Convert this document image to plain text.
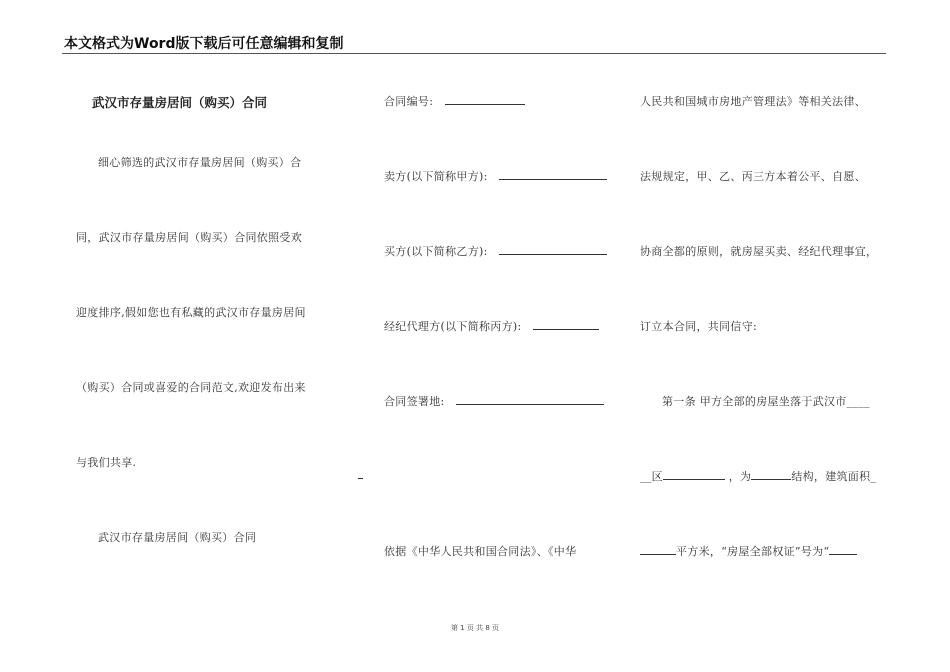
本文格式为Word版下载后可任意编辑和复制
武汉市存量房居间（购买）合同
细心筛选的武汉市存量房居间（购买）合
同，武汉市存量房居间（购买）合同依照受欢
迎度排序,假如您也有私藏的武汉市存量房居间
（购买）合同或喜爱的合同范文,欢迎发布出来
与我们共享.
武汉市存量房居间（购买）合同
合同编号:
卖方(以下简称甲方):
买方(以下简称乙方):
经纪代理方(以下简称丙方):
合同签署地:
依据《中华人民共和国合同法》、《中华
人民共和国城市房地产管理法》等相关法律、
法规规定，甲、乙、丙三方本着公平、自愿、
协商全都的原则，就房屋买卖、经纪代理事宜，
订立本合同，共同信守:
第一条 甲方全部的房屋坐落于武汉市____
__区	，为	结构，建筑面积_
平方米，“房屋全部权证”号为“
第 1 页 共 8 页
